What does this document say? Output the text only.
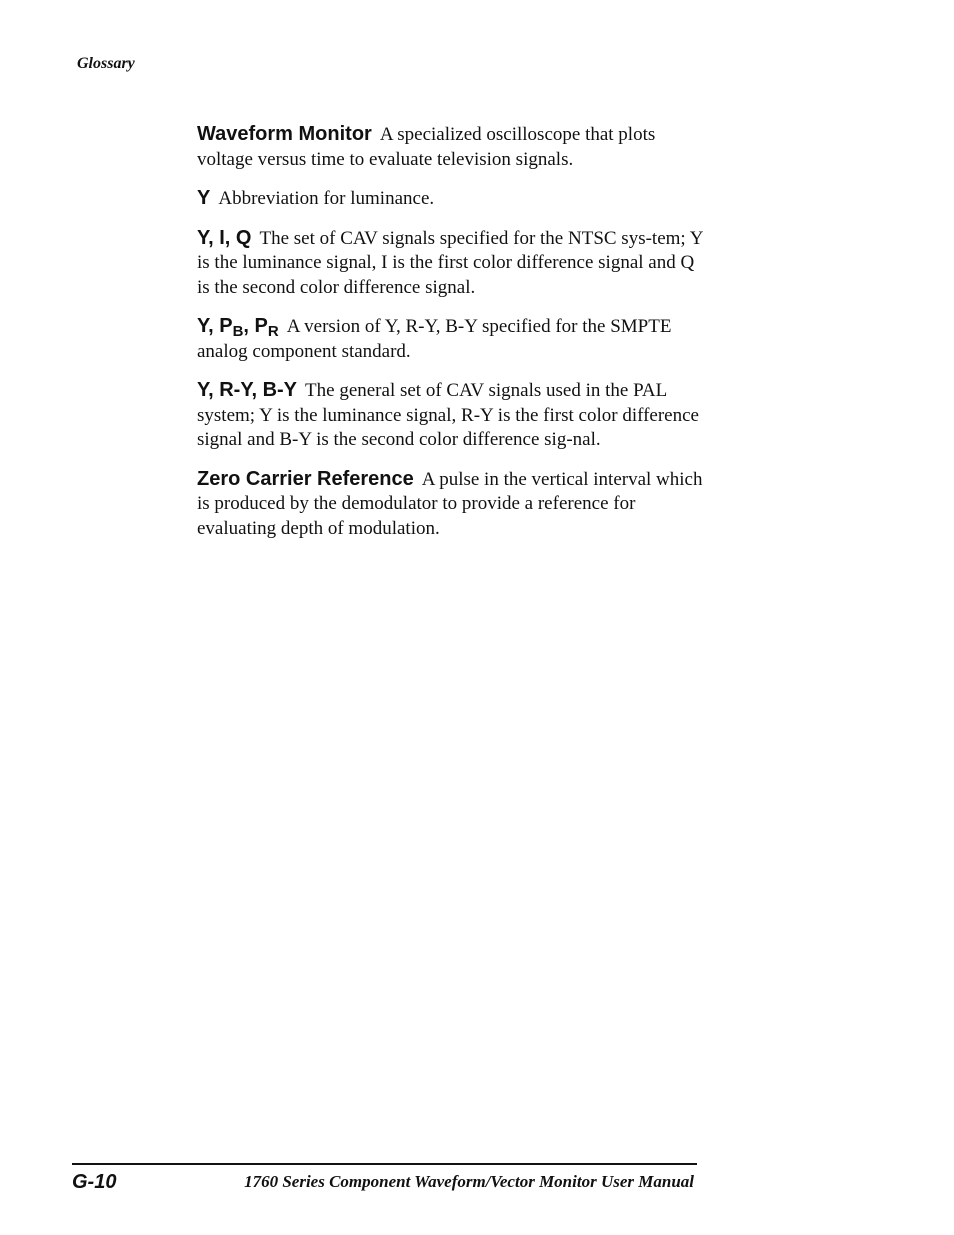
Glossary

Waveform Monitor A specialized oscilloscope that plots voltage versus time to evaluate television signals.

Y Abbreviation for luminance.

Y, I, Q The set of CAV signals specified for the NTSC sys-tem; Y is the luminance signal, I is the first color difference signal and Q is the second color difference signal.

Y, $P_B$, $P_R$ A version of Y, R-Y, B-Y specified for the SMPTE analog component standard.

Y, R-Y, B-Y The general set of CAV signals used in the PAL system; Y is the luminance signal, R-Y is the first color difference signal and B-Y is the second color difference sig-nal.

Zero Carrier Reference A pulse in the vertical interval which is produced by the demodulator to provide a reference for evaluating depth of modulation.

G-10	1760 Series Component Waveform/Vector Monitor User Manual
